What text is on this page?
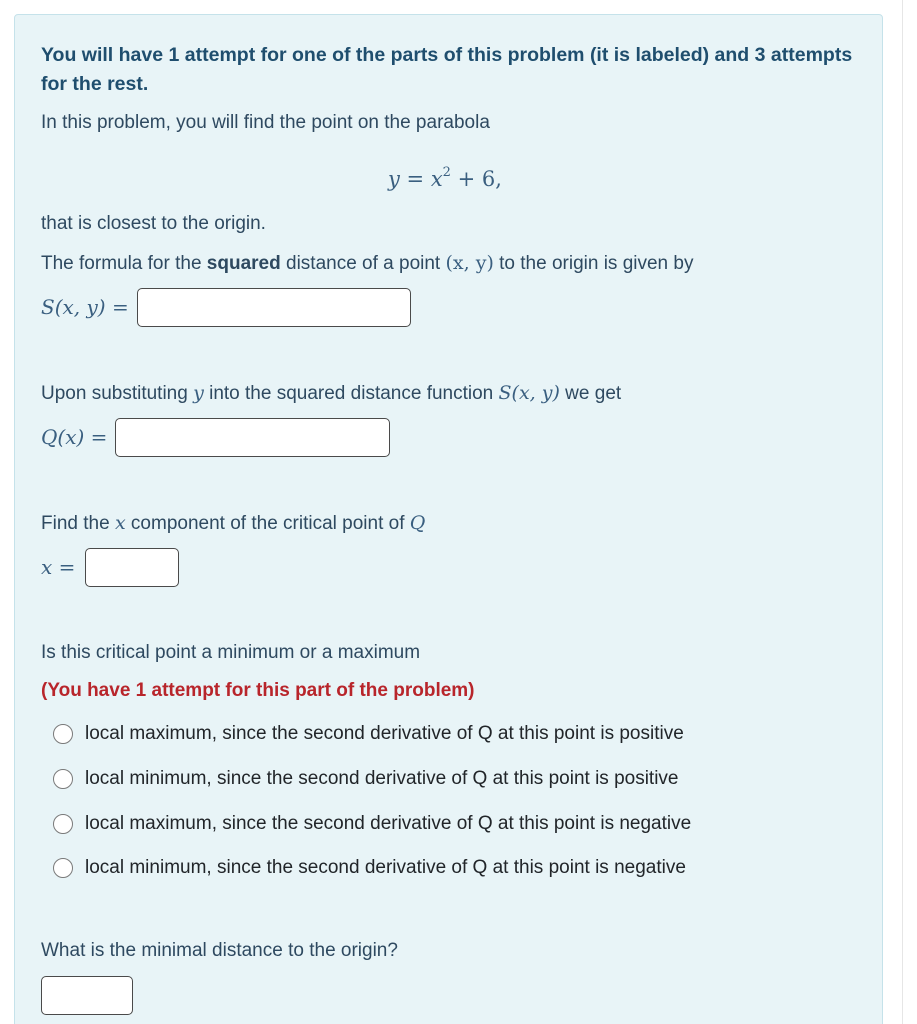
You will have 1 attempt for one of the parts of this problem (it is labeled) and 3 attempts for the rest.

In this problem, you will find the point on the parabola

$y = x^2 + 6$,

that is closest to the origin.

The formula for the squared distance of a point (x, y) to the origin is given by

S(x, y) =

Upon substituting y into the squared distance function S(x, y) we get

Q(x) =

Find the x component of the critical point of Q

x =

Is this critical point a minimum or a maximum

(You have 1 attempt for this part of the problem)

local maximum, since the second derivative of Q at this point is positive
local minimum, since the second derivative of Q at this point is positive
local maximum, since the second derivative of Q at this point is negative
local minimum, since the second derivative of Q at this point is negative

What is the minimal distance to the origin?
